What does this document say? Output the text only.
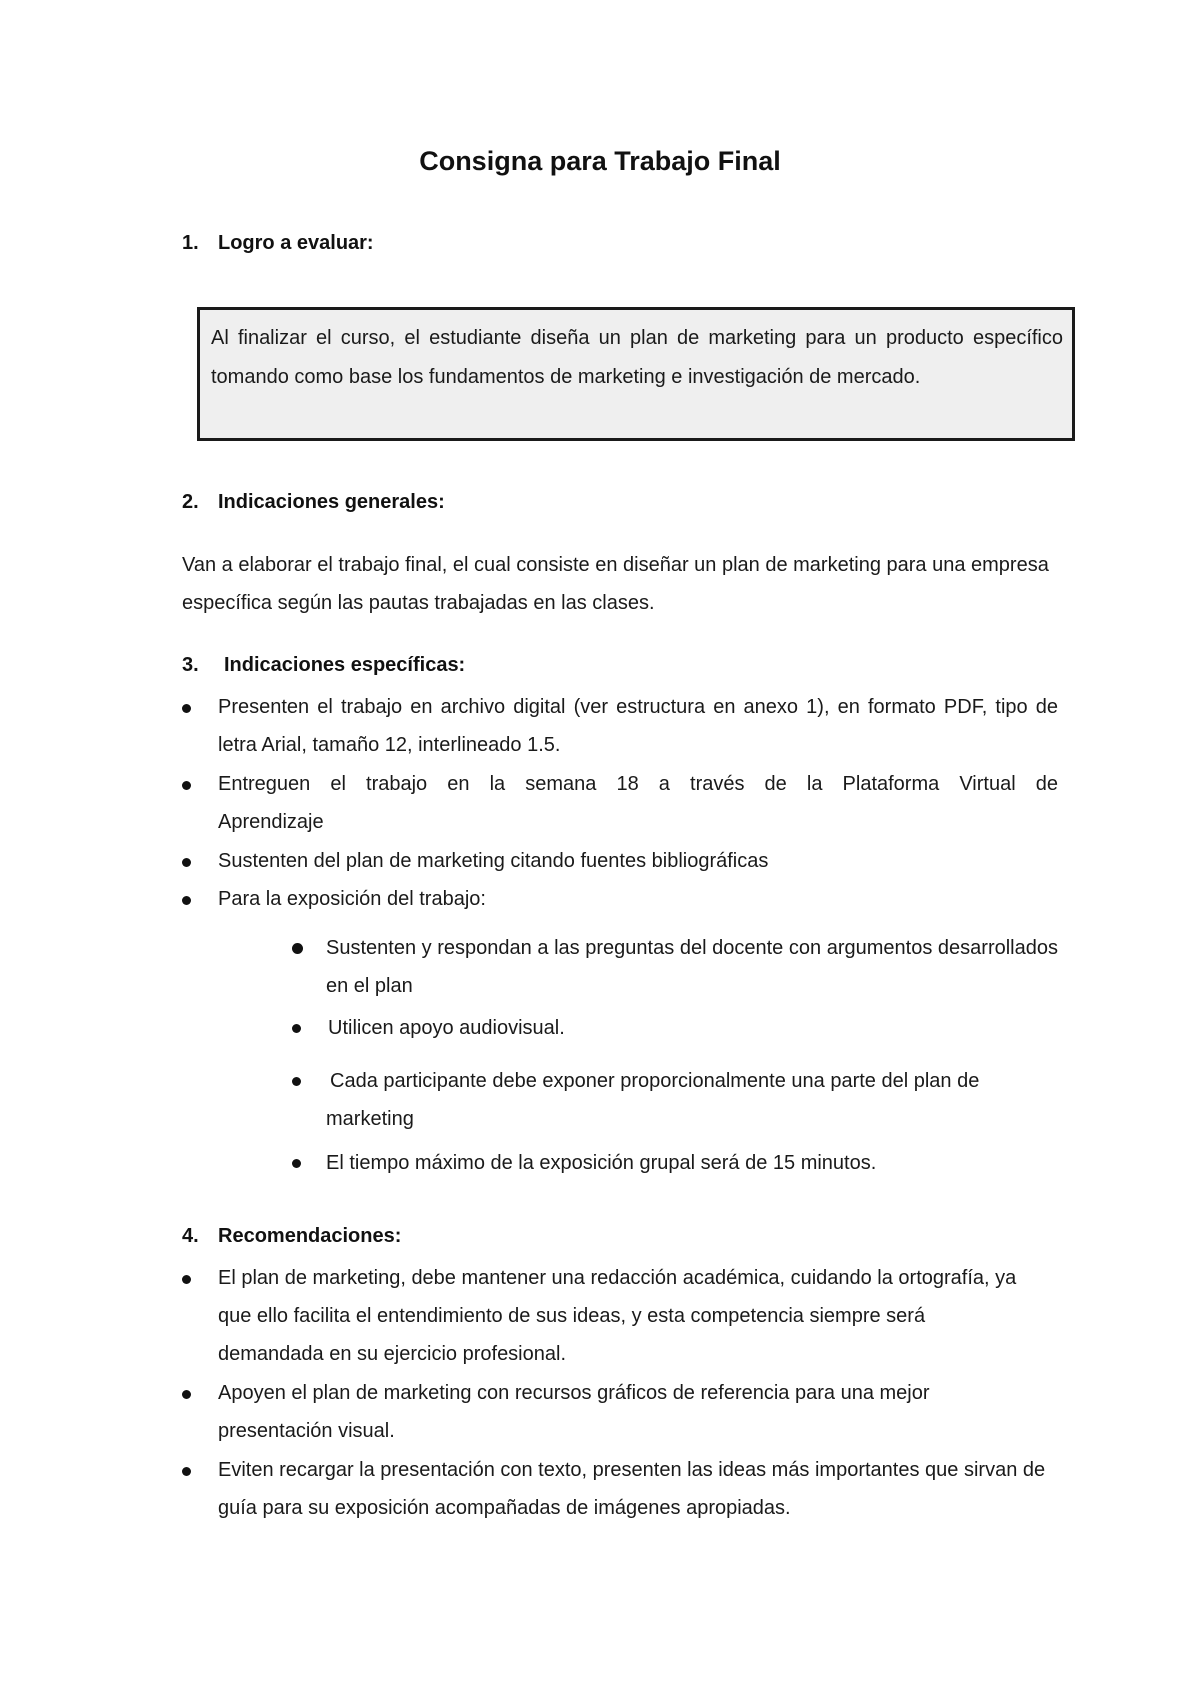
Consigna para Trabajo Final
1. Logro a evaluar:
Al finalizar el curso, el estudiante diseña un plan de marketing para un producto específico tomando como base los fundamentos de marketing e investigación de mercado.
2. Indicaciones generales:
Van a elaborar el trabajo final, el cual consiste en diseñar un plan de marketing para una empresa específica según las pautas trabajadas en las clases.
3. Indicaciones específicas:
Presenten el trabajo en archivo digital (ver estructura en anexo 1), en formato PDF, tipo de letra Arial, tamaño 12, interlineado 1.5.
Entreguen el trabajo en la semana 18 a través de la Plataforma Virtual de Aprendizaje
Sustenten del plan de marketing citando fuentes bibliográficas
Para la exposición del trabajo:
Sustenten y respondan a las preguntas del docente con argumentos desarrollados en el plan
Utilicen apoyo audiovisual.
Cada participante debe exponer proporcionalmente una parte del plan de marketing
El tiempo máximo de la exposición grupal será de 15 minutos.
4. Recomendaciones:
El plan de marketing, debe mantener una redacción académica, cuidando la ortografía, ya que ello facilita el entendimiento de sus ideas, y esta competencia siempre será demandada en su ejercicio profesional.
Apoyen el plan de marketing con recursos gráficos de referencia para una mejor presentación visual.
Eviten recargar la presentación con texto, presenten las ideas más importantes que sirvan de guía para su exposición acompañadas de imágenes apropiadas.
